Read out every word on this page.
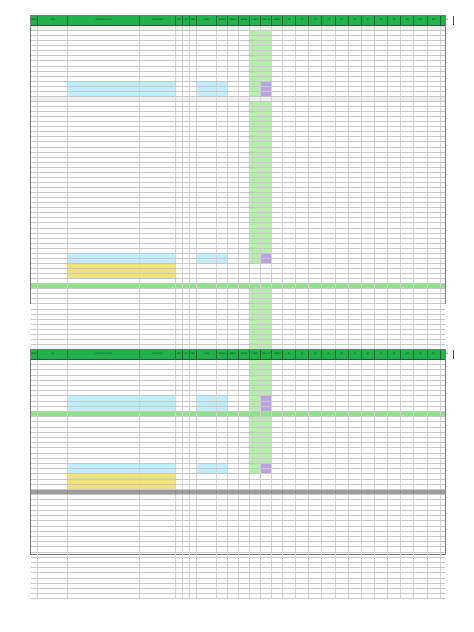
ITEM NO	CODE	DESCRIPTION OF WORK	SPECIFICATION	UNIT	QTY	RATE	NOTES	AMOUNT	LABOUR	MATERIAL	PLANT	TOTAL COST	REMARKS	W1	W2	W3	W4	W5	W6	W7	W8	W9	W10	W11	W12	W13
SITE CLEARANCE AND PREPARATION
1.1	SC-001	Clearing of site vegetation and topsoil	As per drawing	m2	120	4.5	Provisional	540
1.2	SC-002	Removal of debris from site	As per drawing	m3	35	12	Provisional	420
1.3	SC-003	Levelling and compaction of ground	As per drawing	m2	120	3	Provisional	360
1.4	SC-004	Setting out of works	Survey	item	1	250	Lump sum	250
1.5	SC-005	Temporary fencing	2.0m high	m	60	8	Provisional	480
1.6	SC-006	Site hoarding	Timber	m	40	10	Provisional	400
1.7	SC-007	Temporary water supply	Connection	item	1	180	Lump sum	180
1.8	SC-008	Temporary power supply	Connection	item	1	220	Lump sum	220
1.9	SC-009	Site office and welfare	Cabin	wk	12	45	Provisional	540
1.10	SC-010	Protection of existing services	As required	item	1	150	Lump sum	150
SUBTOTAL - SITE CLEARANCE	3540
ALLOWANCES AND CONTINGENCIES	354
TOTAL CARRIED FORWARD	3894
EXCAVATION AND EARTHWORKS
2.1	EX-001	Excavation of foundation trenches	Max depth 1.5m	m3	48	18	Provisional	864
2.2	EX-002	Excavation of pits for column bases	Max depth 2.0m	m3	22	20	Provisional	440
2.3	EX-003	Disposal of excavated material	Off site	m3	70	9	Provisional	630
2.4	EX-004	Backfilling with selected material	Compacted	m3	30	11	Provisional	330
2.5	EX-005	Hardcore filling under slab	150mm thick	m2	95	7	Provisional	665
2.6	EX-006	Blinding concrete	50mm thick	m2	95	6	Provisional	570
2.7	EX-007	Anti-termite treatment	Chemical	m2	95	3	Provisional	285
2.8	EX-008	Damp proof membrane	1000 gauge	m2	95	2.5	Provisional	238
2.9	EX-009	Earthwork support	As required	m2	60	5	Provisional	300
2.10	EX-010	Dewatering of excavations	As required	item	1	200	Lump sum	200
2.11	EX-011	Trimming sides and bottoms	Excavations	m2	80	2	Provisional	160
2.12	EX-012	Surface treatment to formation	Rolling	m2	95	1.5	Provisional	143
2.13	EX-013	Level and compact hardcore	Vibrating roller	m2	95	1.8	Provisional	171
2.14	EX-014	Sand blinding	25mm thick	m2	95	1.2	Provisional	114
2.15	EX-015	Polythene sheeting	Overlapped	m2	95	1	Provisional	95
2.16	EX-016	Testing of compaction	Per test	nr	6	35	Provisional	210
2.17	EX-017	Setting out foundations	Survey	item	1	120	Lump sum	120
2.18	EX-018	Protection of excavations	Barriers	item	1	90	Lump sum	90
2.19	EX-019	Removal of obstructions	As found	item	1	150	Provisional	150
2.20	EX-020	Level survey records	Record	item	1	60	Lump sum	60
2.21	EX-021	Topsoil stockpile	On site	m3	25	4	Provisional	100
2.22	EX-022	Reinstatement of surfaces	As existing	m2	40	6	Provisional	240
2.23	EX-023	Hand excavation near services	Care	m3	5	40	Provisional	200
2.24	EX-024	Filling to make up levels	Imported	m3	18	14	Provisional	252
2.25	EX-025	Geotextile membrane	Non-woven	m2	95	2	Provisional	190
2.26	EX-026	Drainage trench excavation	Max 1.0m	m	35	12	Provisional	420
2.27	EX-027	Bedding and surround to pipes	Granular	m	35	8	Provisional	280
2.28	EX-028	Inspection chambers	Precast	nr	3	180	Provisional	540
2.29	EX-029	Soakaway construction	Rubble filled	nr	1	320	Provisional	320
2.30	EX-030	Connection to existing sewer	Authority	item	1	400	Provisional	400
SUBTOTAL - EXCAVATION	9777
ALLOWANCES	978
TOTAL CARRIED FORWARD	10755
PROVISIONAL SUMS	1500
DAYWORKS	500
CONCRETE WORK, FORMWORK AND REINFORCEMENT
3.1	CW-001	Mass concrete in foundations	Grade C20	m3	30	95	Provisional	2850
3.2	CW-002	Reinforced concrete column bases	Grade C30	m3	12	120	Provisional	1440
3.3	CW-003	Reinforced concrete ground slab	Grade C30	m3	15	115	Provisional	1725
3.4	CW-004	Formwork to sides of foundations	Sawn timber	m2	45	18	Provisional	810
3.5	CW-005	High yield bar reinforcement	BS 4449	kg	1200	1.2	Provisional	1440
3.6	CW-006	Fabric reinforcement	A193 mesh	m2	95	4	Provisional	380
3.7	CW-007	Expansion joints	20mm	m	30	6	Provisional	180
3.8	CW-008	Power float finish	To slab	m2	95	3	Provisional	285
3.9	CW-009	Curing of concrete	Membrane	m2	95	1	Provisional	95
3.10	CW-010	Concrete testing	Cubes	nr	12	15	Provisional	180
3.11	CW-011	Holding down bolts	M20	nr	24	12	Provisional	288
3.12	CW-012	Grouting under base plates	Non-shrink	nr	6	25	Provisional	150
ITEM NO	CODE	DESCRIPTION OF WORK	SPECIFICATION	UNIT	QTY	RATE	NOTES	AMOUNT	LABOUR	MATERIAL	PLANT	TOTAL COST	REMARKS	W1	W2	W3	W4	W5	W6	W7	W8	W9	W10	W11	W12	W13
4.1	MW-001	Blockwork walls 200mm	Solid blocks	m2	140	28	Provisional	3920
4.2	MW-002	Blockwork walls 150mm	Solid blocks	m2	60	24	Provisional	1440
4.3	MW-003	Damp proof course	Bitumen	m	80	3	Provisional	240
4.4	MW-004	Lintels over openings	Precast	nr	14	35	Provisional	490
4.5	MW-005	Wall ties	Stainless	m2	140	1.5	Provisional	210
4.6	MW-006	Closing cavities at openings	Insulated	m	60	4	Provisional	240
4.7	MW-007	Movement joints	Sealant	m	25	5	Provisional	125
SUBTOTAL - MASONRY	6665
ALLOWANCES	667
TOTAL CARRIED FORWARD	7332
ROOFING WORKS
5.1	RF-001	Steel roof trusses	Galvanised	nr	8	450	Provisional	3600
5.2	RF-002	Purlins	Z-section	m	120	14	Provisional	1680
5.3	RF-003	Roof sheeting	Profiled	m2	160	22	Provisional	3520
5.4	RF-004	Ridge capping	Matching	m	20	15	Provisional	300
5.5	RF-005	Gutters and downpipes	PVC	m	45	12	Provisional	540
5.6	RF-006	Insulation to roof	100mm	m2	160	6	Provisional	960
5.7	RF-007	Flashings	Lead	m	30	18	Provisional	540
5.8	RF-008	Fascia boards	Timber	m	45	9	Provisional	405
5.9	RF-009	Soffit boards	Timber	m	45	8	Provisional	360
SUBTOTAL - ROOFING	11905
ALLOWANCES	1191
TOTAL CARRIED FORWARD	13096
PROVISIONAL SUMS	800
DAYWORKS	300
SUMMARY	35077
SITE CLEARANCE	3894
EXCAVATION AND EARTHWORKS	10755
CONCRETE WORK	9823
MASONRY	7332
ROOFING	13096
SUBTOTAL	44900
VAT	6735
TOTAL	51635
CONTINGENCY	2582
PRELIMINARIES	3000
GRAND TOTAL	57217
